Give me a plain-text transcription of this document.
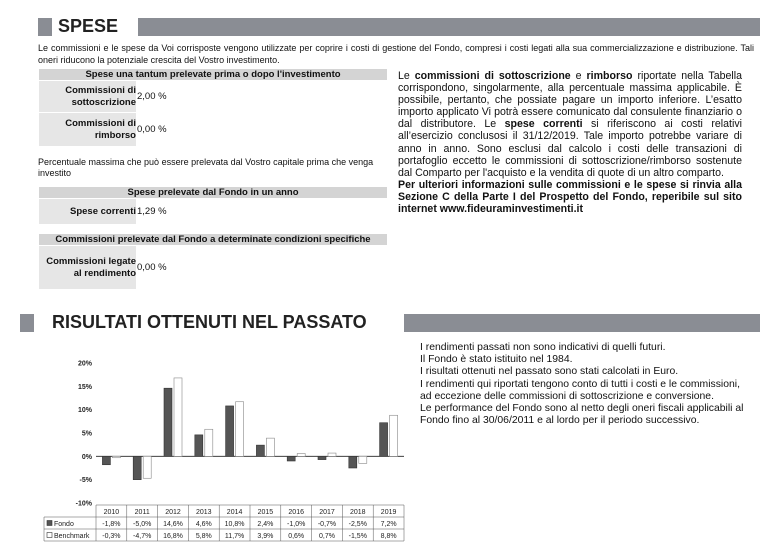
SPESE
Le commissioni e le spese da Voi corrisposte vengono utilizzate per coprire i costi di gestione del Fondo, compresi i costi legati alla sua commercializzazione e distribuzione. Tali oneri riducono la potenziale crescita del Vostro investimento.
Spese una tantum prelevate prima o dopo l'investimento	
Commissioni di sottoscrizione	2,00 %
Commissioni di rimborso	0,00 %
Percentuale massima che può essere prelevata dal Vostro capitale prima che venga investito
Spese prelevate dal Fondo in un anno
Spese correnti	1,29 %
Commissioni prelevate dal Fondo a determinate condizioni specifiche
Commissioni legate al rendimento	0,00 %

Le commissioni di sottoscrizione e rimborso riportate nella Tabella corrispondono, singolarmente, alla percentuale massima applicabile. È possibile, pertanto, che possiate pagare un importo inferiore. L’esatto importo applicato Vi potrà essere comunicato dal consulente finanziario o dal distributore. Le spese correnti si riferiscono ai costi relativi all’esercizio conclusosi il 31/12/2019. Tale importo potrebbe variare di anno in anno. Sono esclusi dal calcolo i costi delle transazioni di portafoglio eccetto le commissioni di sottoscrizione/rimborso sostenute dal Comparto per l'acquisto e la vendita di quote di un altro comparto.

Per ulteriori informazioni sulle commissioni e le spese si rinvia alla Sezione C della Parte I del Prospetto del Fondo, reperibile sul sito internet www.fideuraminvestimenti.it

RISULTATI OTTENUTI NEL PASSATO

I rendimenti passati non sono indicativi di quelli futuri.

Il Fondo è stato istituito nel 1984.

I risultati ottenuti nel passato sono stati calcolati in Euro.

I rendimenti qui riportati tengono conto di tutti i costi e le commissioni, ad eccezione delle commissioni di sottoscrizione e conversione.

Le performance del Fondo sono al netto degli oneri fiscali applicabili al Fondo fino al 30/06/2011 e al lordo per il periodo successivo.

20%
15%
10%
5%
0%
-5%
-10%
2010 2011 2012 2013 2014 2015 2016 2017 2018 2019
Fondo	-1,8% -5,0% 14,6% 4,6% 10,8% 2,4% -1,0% -0,7% -2,5% 7,2%
Benchmark -0,3% -4,7% 16,8% 5,8% 11,7% 3,9% 0,6% 0,7% -1,5% 8,8%
